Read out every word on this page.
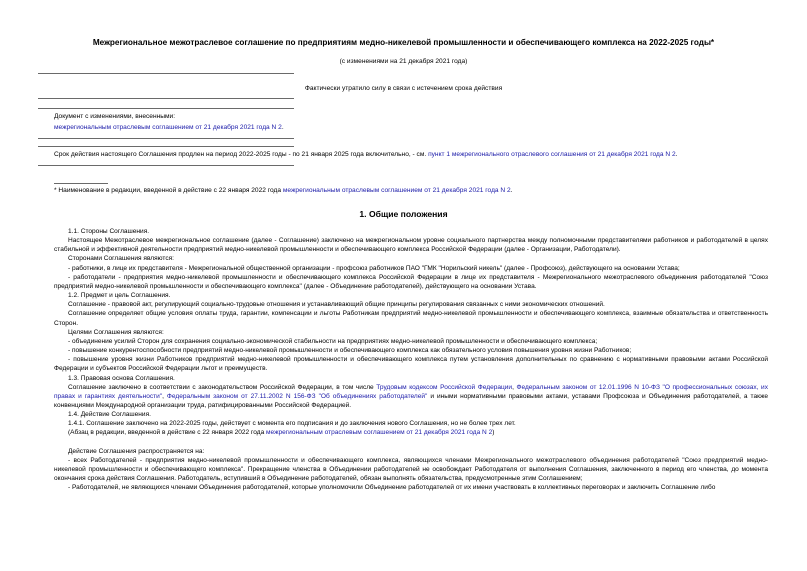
Межрегиональное межотраслевое соглашение по предприятиям медно-никелевой промышленности и обеспечивающего комплекса на 2022-2025 годы*
(с изменениями на 21 декабря 2021 года)
Фактически утратило силу в связи с истечением срока действия
Документ с изменениями, внесенными:
межрегиональным отраслевым соглашением от 21 декабря 2021 года N 2.
Срок действия настоящего Соглашения продлен на период 2022-2025 годы - по 21 января 2025 года включительно, - см. пункт 1 межрегионального отраслевого соглашения от 21 декабря 2021 года N 2.
* Наименование в редакции, введенной в действие с 22 января 2022 года межрегиональным отраслевым соглашением от 21 декабря 2021 года N 2.
1. Общие положения

1.1. Стороны Соглашения.

Настоящее Межотраслевое межрегиональное соглашение (далее - Соглашение) заключено на межрегиональном уровне социального партнерства между полномочными представителями работников и работодателей в целях стабильной и эффективной деятельности предприятий медно-никелевой промышленности и обеспечивающего комплекса Российской Федерации (далее - Организации, Работодатели).

Сторонами Соглашения являются:

- работники, в лице их представителя - Межрегиональной общественной организации - профсоюз работников ПАО "ГМК "Норильский никель" (далее - Профсоюз), действующего на основании Устава;

- работодатели - предприятия медно-никелевой промышленности и обеспечивающего комплекса Российской Федерации в лице их представителя - Межрегионального межотраслевого объединения работодателей "Союз предприятий медно-никелевой промышленности и обеспечивающего комплекса" (далее - Объединение работодателей), действующего на основании Устава.

1.2. Предмет и цель Соглашения.

Соглашение - правовой акт, регулирующий социально-трудовые отношения и устанавливающий общие принципы регулирования связанных с ними экономических отношений.

Соглашение определяет общие условия оплаты труда, гарантии, компенсации и льготы Работникам предприятий медно-никелевой промышленности и обеспечивающего комплекса, взаимные обязательства и ответственность Сторон.

Целями Соглашения являются:

- объединение усилий Сторон для сохранения социально-экономической стабильности на предприятиях медно-никелевой промышленности и обеспечивающего комплекса;

- повышение конкурентоспособности предприятий медно-никелевой промышленности и обеспечивающего комплекса как обязательного условия повышения уровня жизни Работников;

- повышение уровня жизни Работников предприятий медно-никелевой промышленности и обеспечивающего комплекса путем установления дополнительных по сравнению с нормативными правовыми актами Российской Федерации и субъектов Российской Федерации льгот и преимуществ.

1.3. Правовая основа Соглашения.

Соглашение заключено в соответствии с законодательством Российской Федерации, в том числе Трудовым кодексом Российской Федерации, Федеральным законом от 12.01.1996 N 10-ФЗ "О профессиональных союзах, их правах и гарантиях деятельности", Федеральным законом от 27.11.2002 N 156-ФЗ "Об объединениях работодателей" и иными нормативными правовыми актами, уставами Профсоюза и Объединения работодателей, а также конвенциями Международной организации труда, ратифицированными Российской Федерацией.

1.4. Действие Соглашения.

1.4.1. Соглашение заключено на 2022-2025 годы, действует с момента его подписания и до заключения нового Соглашения, но не более трех лет.

(Абзац в редакции, введенной в действие с 22 января 2022 года межрегиональным отраслевым соглашением от 21 декабря 2021 года N 2)

Действие Соглашения распространяется на:

- всех Работодателей - предприятия медно-никелевой промышленности и обеспечивающего комплекса, являющихся членами Межрегионального межотраслевого объединения работодателей "Союз предприятий медно-никелевой промышленности и обеспечивающего комплекса". Прекращение членства в Объединении работодателей не освобождает Работодателя от выполнения Соглашения, заключенного в период его членства, до момента окончания срока действия Соглашения. Работодатель, вступивший в Объединение работодателей, обязан выполнять обязательства, предусмотренные этим Соглашением;

- Работодателей, не являющихся членами Объединения работодателей, которые уполномочили Объединение работодателей от их имени участвовать в коллективных переговорах и заключить Соглашение либо
